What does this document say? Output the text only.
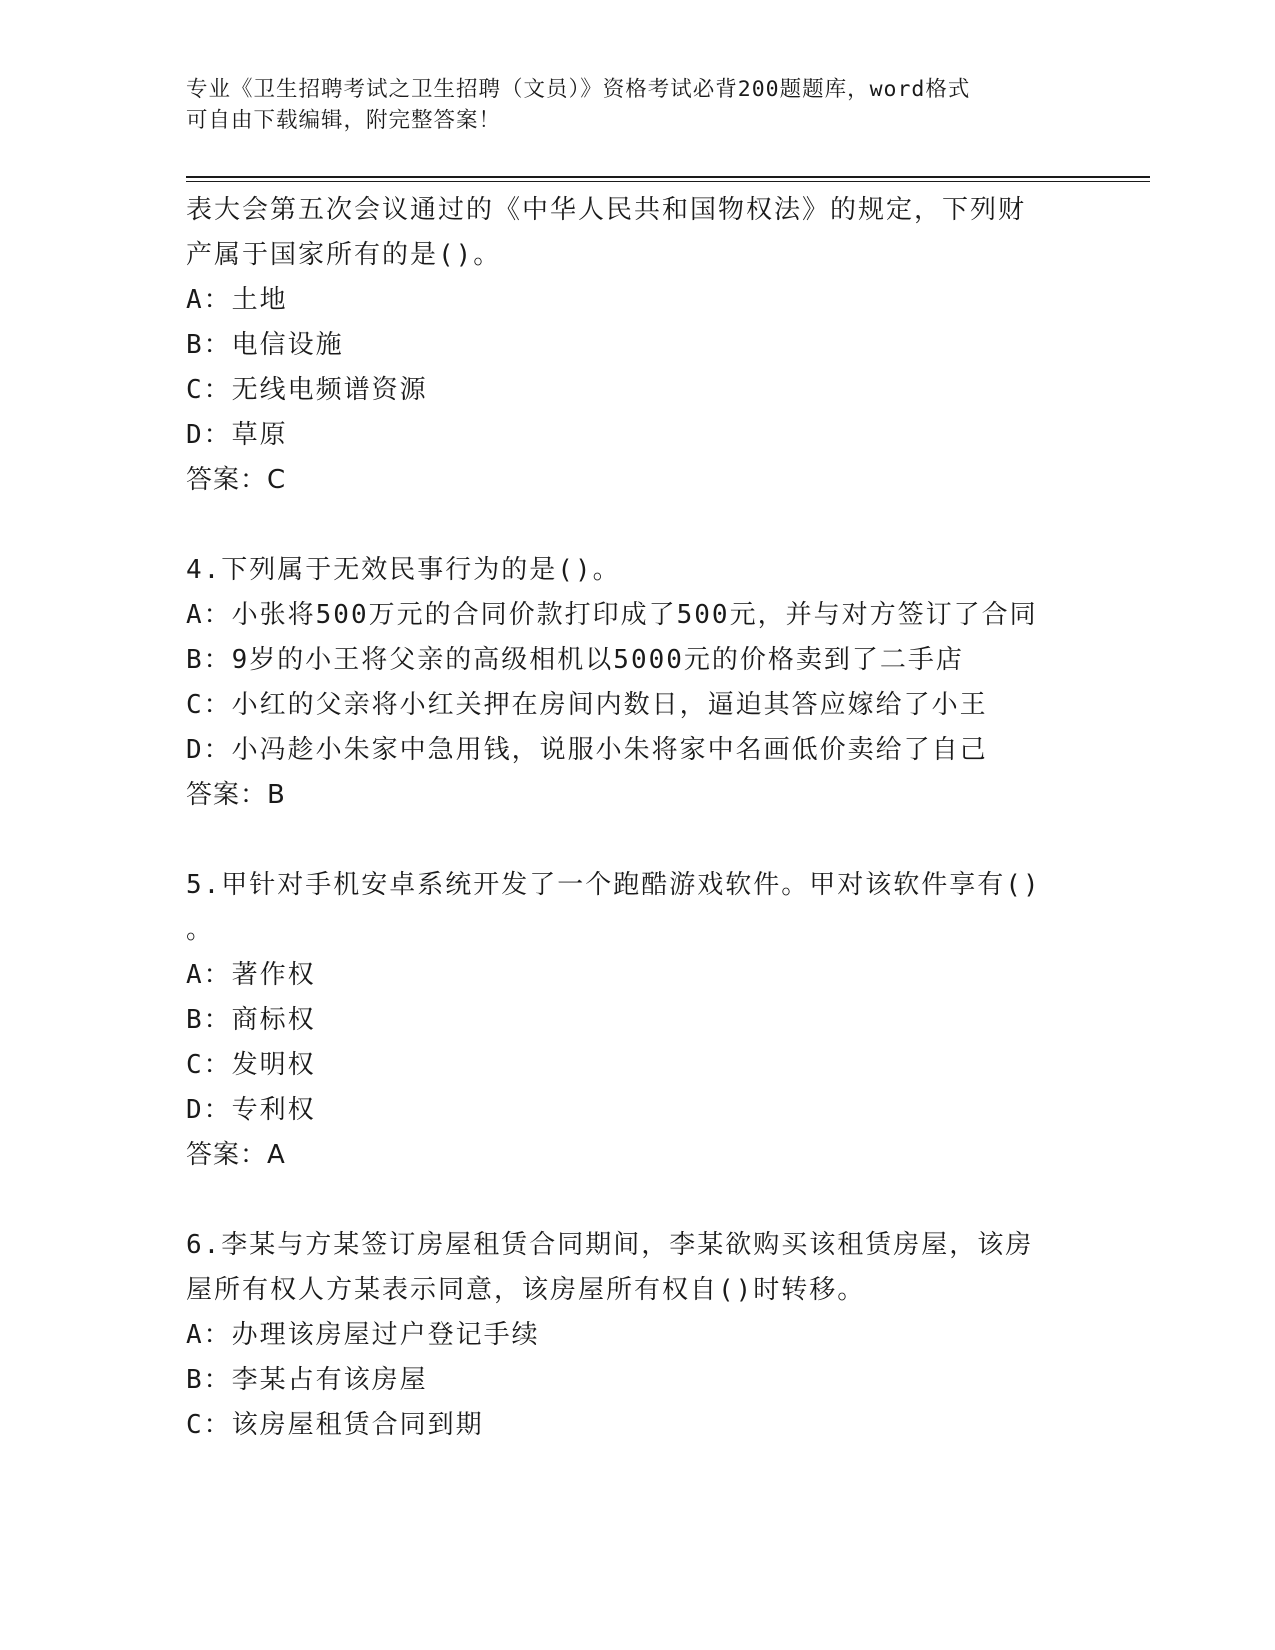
专业《卫生招聘考试之卫生招聘（文员）》资格考试必背200题题库，word格式
可自由下载编辑，附完整答案！
表大会第五次会议通过的《中华人民共和国物权法》的规定，下列财
产属于国家所有的是()。
A：土地
B：电信设施
C：无线电频谱资源
D：草原
答案：C
4.下列属于无效民事行为的是()。
A：小张将500万元的合同价款打印成了500元，并与对方签订了合同
B：9岁的小王将父亲的高级相机以5000元的价格卖到了二手店
C：小红的父亲将小红关押在房间内数日，逼迫其答应嫁给了小王
D：小冯趁小朱家中急用钱，说服小朱将家中名画低价卖给了自己
答案：B
5.甲针对手机安卓系统开发了一个跑酷游戏软件。甲对该软件享有()
。
A：著作权
B：商标权
C：发明权
D：专利权
答案：A
6.李某与方某签订房屋租赁合同期间，李某欲购买该租赁房屋，该房
屋所有权人方某表示同意，该房屋所有权自()时转移。
A：办理该房屋过户登记手续
B：李某占有该房屋
C：该房屋租赁合同到期
